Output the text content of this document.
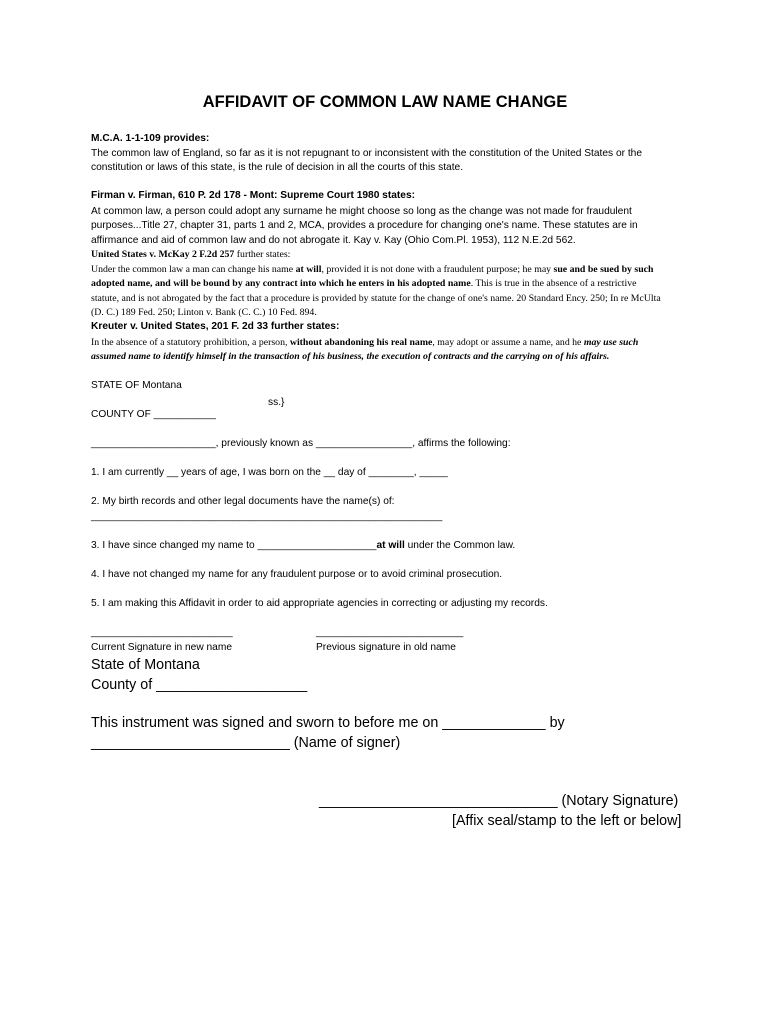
AFFIDAVIT OF COMMON LAW NAME CHANGE
M.C.A. 1-1-109 provides:
The common law of England, so far as it is not repugnant to or inconsistent with the constitution of the United States or the
constitution or laws of this state, is the rule of decision in all the courts of this state.
Firman v. Firman, 610 P. 2d 178 - Mont: Supreme Court 1980 states:
At common law, a person could adopt any surname he might choose so long as the change was not made for fraudulent
purposes...Title 27, chapter 31, parts 1 and 2, MCA, provides a procedure for changing one's name. These statutes are in
affirmance and aid of common law and do not abrogate it. Kay v. Kay (Ohio Com.Pl. 1953), 112 N.E.2d 562.
United States v. McKay 2 F.2d 257 further states:
Under the common law a man can change his name at will, provided it is not done with a fraudulent purpose; he may sue and be sued by such
adopted name, and will be bound by any contract into which he enters in his adopted name. This is true in the absence of a restrictive
statute, and is not abrogated by the fact that a procedure is provided by statute for the change of one's name. 20 Standard Ency. 250; In re McUlta
(D. C.) 189 Fed. 250; Linton v. Bank (C. C.) 10 Fed. 894.
Kreuter v. United States, 201 F. 2d 33 further states:
In the absence of a statutory prohibition, a person, without abandoning his real name, may adopt or assume a name, and he may use such
assumed name to identify himself in the transaction of his business, the execution of contracts and the carrying on of his affairs.
STATE OF Montana
ss.}
COUNTY OF ___________
______________________, previously known as _________________, affirms the following:
1. I am currently __ years of age, I was born on the __ day of ________, _____
2. My birth records and other legal documents have the name(s) of:
______________________________________________________________
3. I have since changed my name to _____________________at will under the Common law.
4. I have not changed my name for any fraudulent purpose or to avoid criminal prosecution.
5. I am making this Affidavit in order to aid appropriate agencies in correcting or adjusting my records.
_________________________
Current Signature in new name
__________________________
Previous signature in old name
State of Montana
County of ___________________
This instrument was signed and sworn to before me on _____________ by
_________________________ (Name of signer)
______________________________ (Notary Signature)
[Affix seal/stamp to the left or below]
